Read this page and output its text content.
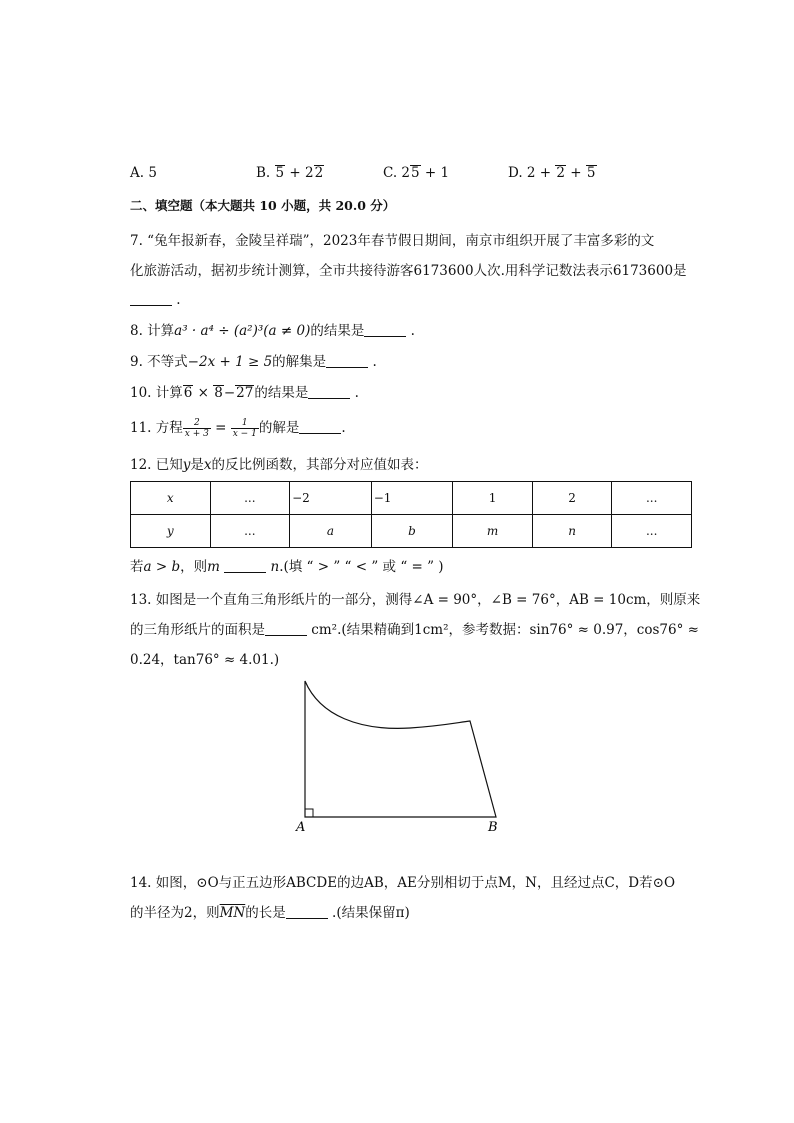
A. 5	B. 5 + 22	C. 25 + 1	D. 2 + 2 + 5
二、填空题（本大题共 10 小题，共 20.0 分）
7. “兔年报新春，金陵呈祥瑞”，2023年春节假日期间，南京市组织开展了丰富多彩的文
化旅游活动，据初步统计测算，全市共接待游客6173600人次.用科学记数法表示6173600是
.
8. 计算a³ · a⁴ ÷ (a²)³(a ≠ 0)的结果是	.
9. 不等式−2x + 1 ≥ 5的解集是	.
10. 计算6 × 8−27的结果是	.
11. 方程 $\frac{2}{x + 3} = \frac{1}{x - 1}$ 的解是	.
12. 已知y是x的反比例函数，其部分对应值如表：
x	...	−2	−1	1	2	...
y	...	a	b	m	n	...
若a > b，则m	n.(填 “ > ” “ < ” 或 “ = ” )
13. 如图是一个直角三角形纸片的一部分，测得∠A = 90°，∠B = 76°，AB = 10cm，则原来
的三角形纸片的面积是	cm².(结果精确到1cm²，参考数据：sin76° ≈ 0.97，cos76° ≈
0.24，tan76° ≈ 4.01.)
A	B
14. 如图，⊙O与正五边形ABCDE的边AB，AE分别相切于点M，N，且经过点C，D若⊙O
的半径为2，则$\overline{MN}$的长是	.(结果保留π)
